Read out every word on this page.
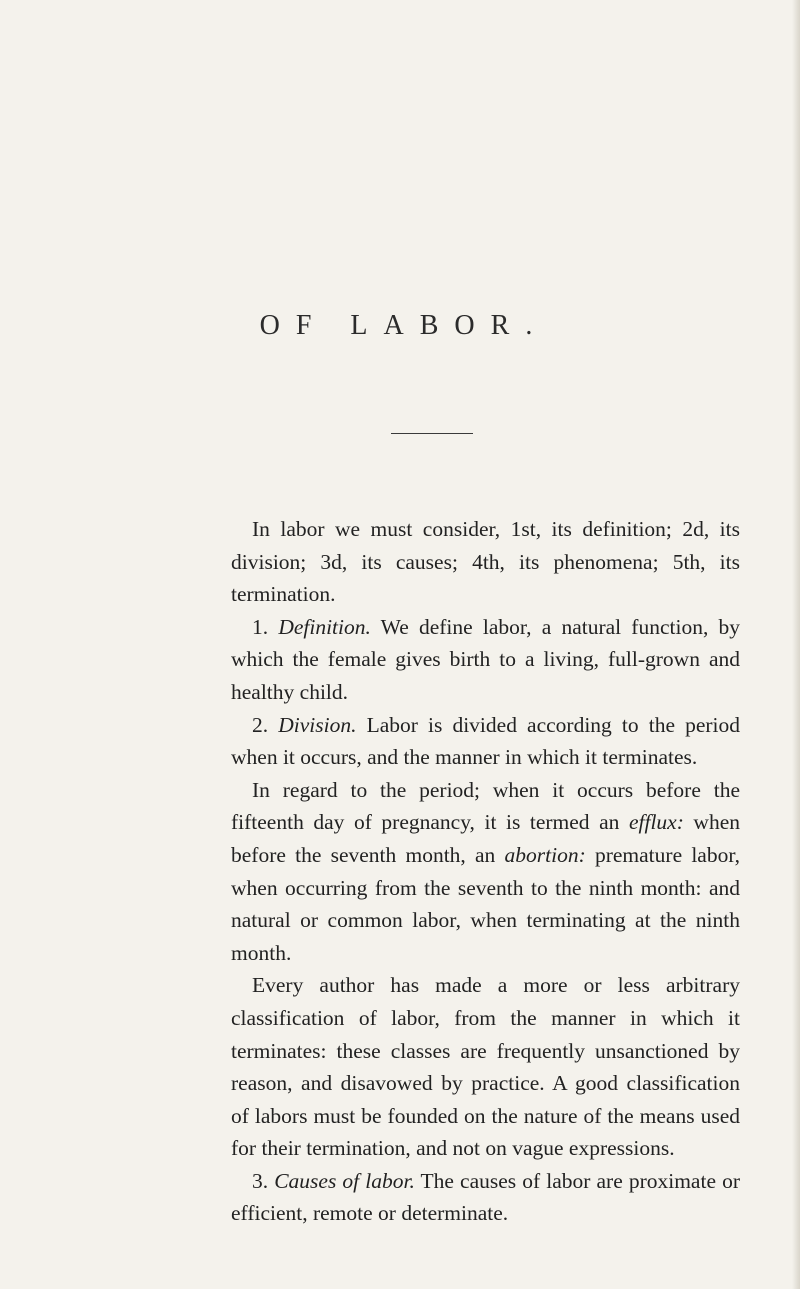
OF LABOR.

In labor we must consider, 1st, its definition; 2d, its division; 3d, its causes; 4th, its phenomena; 5th, its termination.

1. Definition. We define labor, a natural function, by which the female gives birth to a living, full-grown and healthy child.

2. Division. Labor is divided according to the period when it occurs, and the manner in which it terminates.

In regard to the period; when it occurs before the fifteenth day of pregnancy, it is termed an efflux: when before the seventh month, an abortion: premature labor, when occurring from the seventh to the ninth month: and natural or common labor, when terminating at the ninth month.

Every author has made a more or less arbitrary classification of labor, from the manner in which it terminates: these classes are frequently unsanctioned by reason, and disavowed by practice. A good classification of labors must be founded on the nature of the means used for their termination, and not on vague expressions.

3. Causes of labor. The causes of labor are proximate or efficient, remote or determinate.
